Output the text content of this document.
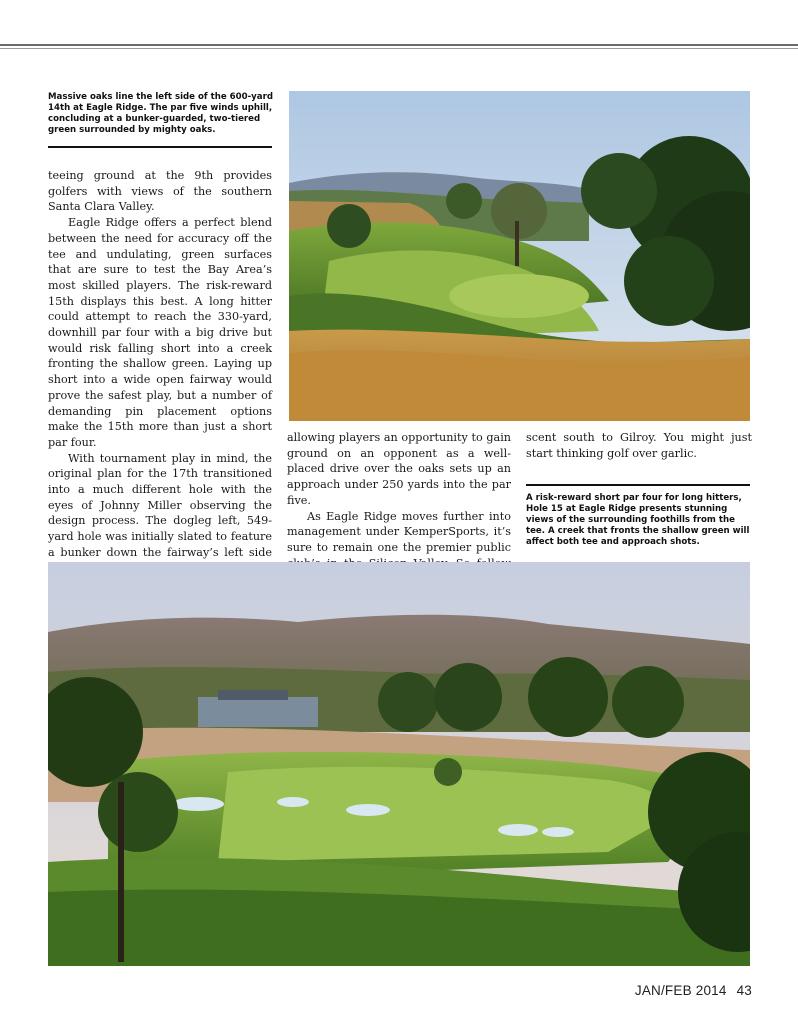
Massive oaks line the left side of the 600-yard 14th at Eagle Ridge. The par five winds uphill, concluding at a bunker-guarded, two-tiered green surrounded by mighty oaks.

teeing ground at the 9th provides golfers with views of the southern Santa Clara Valley.

Eagle Ridge offers a perfect blend between the need for accuracy off the tee and undulating, green surfaces that are sure to test the Bay Area’s most skilled players. The risk-reward 15th displays this best. A long hitter could attempt to reach the 330-yard, downhill par four with a big drive but would risk falling short into a creek fronting the shallow green. Laying up short into a wide open fairway would prove the safest play, but a number of demanding pin placement options make the 15th more than just a short par four.

With tournament play in mind, the original plan for the 17th transitioned into a much different hole with the eyes of Johnny Miller observing the design process. The dogleg left, 549-yard hole was initially slated to feature a bunker down the fairway’s left side

allowing players an opportunity to gain ground on an opponent as a well-placed drive over the oaks sets up an approach under 250 yards into the par five.

As Eagle Ridge moves further into management under KemperSports, it’s sure to remain one the premier public

scent south to Gilroy. You might just start thinking golf over garlic.

A risk-reward short par four for long hitters, Hole 15 at Eagle Ridge presents stunning views of the surrounding foothills from the tee. A creek that fronts the shallow green will affect both tee and approach shots.
JAN/FEB 2014 43
